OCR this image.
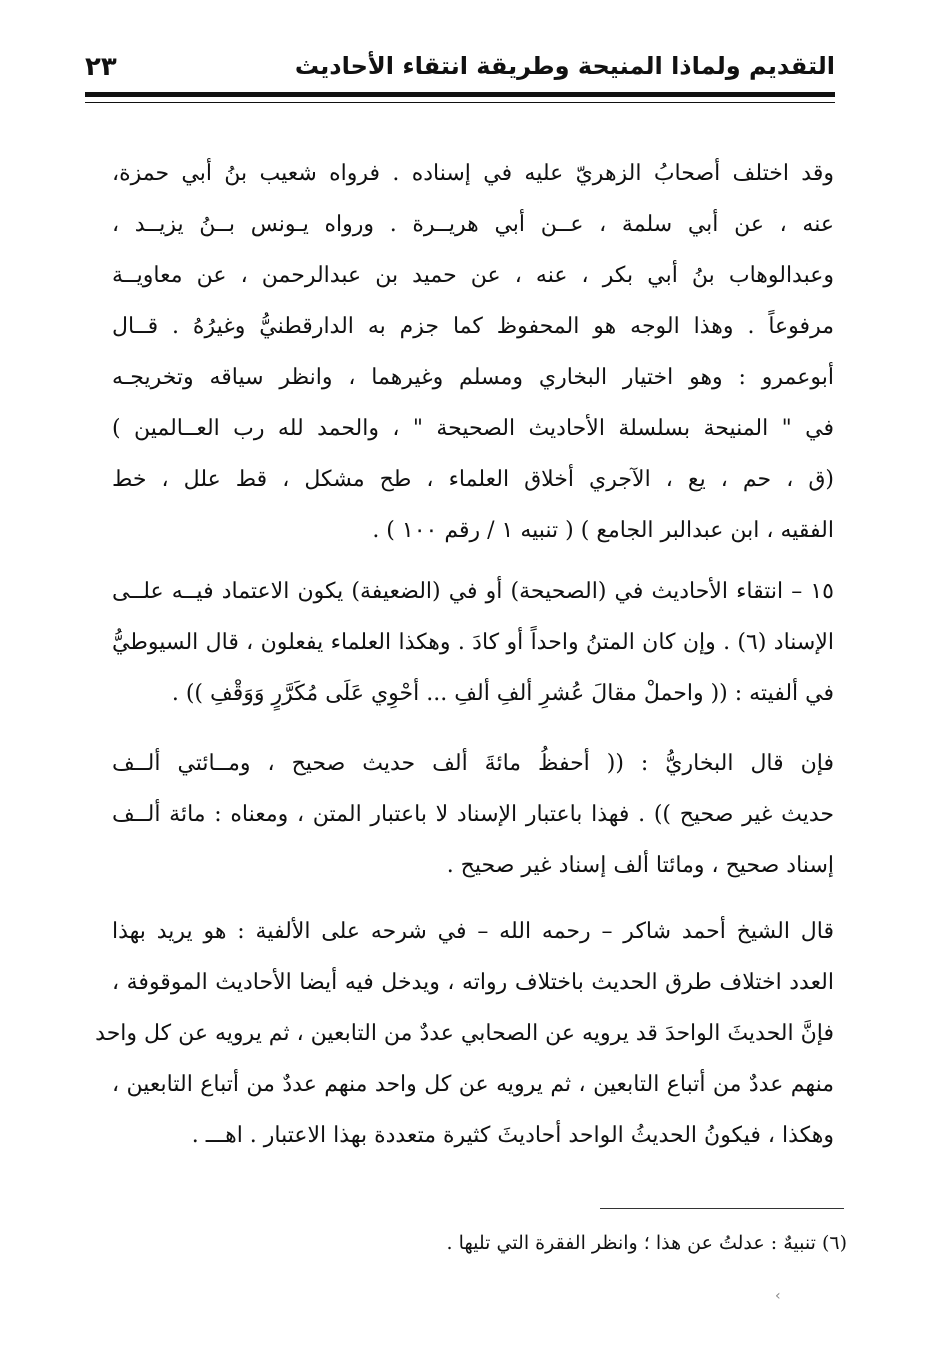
التقديم ولماذا المنيحة وطريقة انتقاء الأحاديث
٢٣
وقد اختلف أصحابُ الزهريّ عليه في إسناده . فرواه شعيب بنُ أبي حمزة،
عنه ، عن أبي سلمة ، عــن أبي هريــرة . ورواه يـونس بــنُ يزيــد ،
وعبدالوهاب بنُ أبي بكر ، عنه ، عن حميد بن عبدالرحمن ، عن معاويــة
مرفوعاً . وهذا الوجه هو المحفوظ كما جزم به الدارقطنيُّ وغيرُهُ . قــال
أبوعمرو : وهو اختيار البخاري ومسلم وغيرهما ، وانظر سياقه وتخريجـه
في " المنيحة بسلسلة الأحاديث الصحيحة " ، والحمد لله رب العــالمين )
(ق ، حم ، يع ، الآجري أخلاق العلماء ، طح مشكل ، قط علل ، خط
الفقيه ، ابن عبدالبر الجامع ) ( تنبيه ١ / رقم ١٠٠ ) .
١٥ – انتقاء الأحاديث في (الصحيحة) أو في (الضعيفة) يكون الاعتماد فيــه علــى
الإسناد (٦) . وإن كان المتنُ واحداً أو كادَ . وهكذا العلماء يفعلون ، قال السيوطيُّ
في ألفيته : (( واحملْ مقالَ عُشرِ ألفِ ألفِ ... أحْوِي عَلَى مُكَرَّرٍ وَوَقْفِ )) .
فإن قال البخاريُّ : (( أحفظُ مائةَ ألف حديث صحيح ، ومــائتي ألــف
حديث غير صحيح )) . فهذا باعتبار الإسناد لا باعتبار المتن ، ومعناه : مائة ألــف
إسناد صحيح ، ومائتا ألف إسناد غير صحيح .
قال الشيخ أحمد شاكر – رحمه الله – في شرحه على الألفية : هو يريد بهذا
العدد اختلاف طرق الحديث باختلاف رواته ، ويدخل فيه أيضا الأحاديث الموقوفة ،
فإنَّ الحديثَ الواحدَ قد يرويه عن الصحابي عددٌ من التابعين ، ثم يرويه عن كل واحد
منهم عددٌ من أتباع التابعين ، ثم يرويه عن كل واحد منهم عددٌ من أتباع التابعين ،
وهكذا ، فيكونُ الحديثُ الواحد أحاديثَ كثيرة متعددة بهذا الاعتبار . اهـــ .
(٦) تنبيهٌ : عدلتُ عن هذا ؛ وانظر الفقرة التي تليها .
‹
